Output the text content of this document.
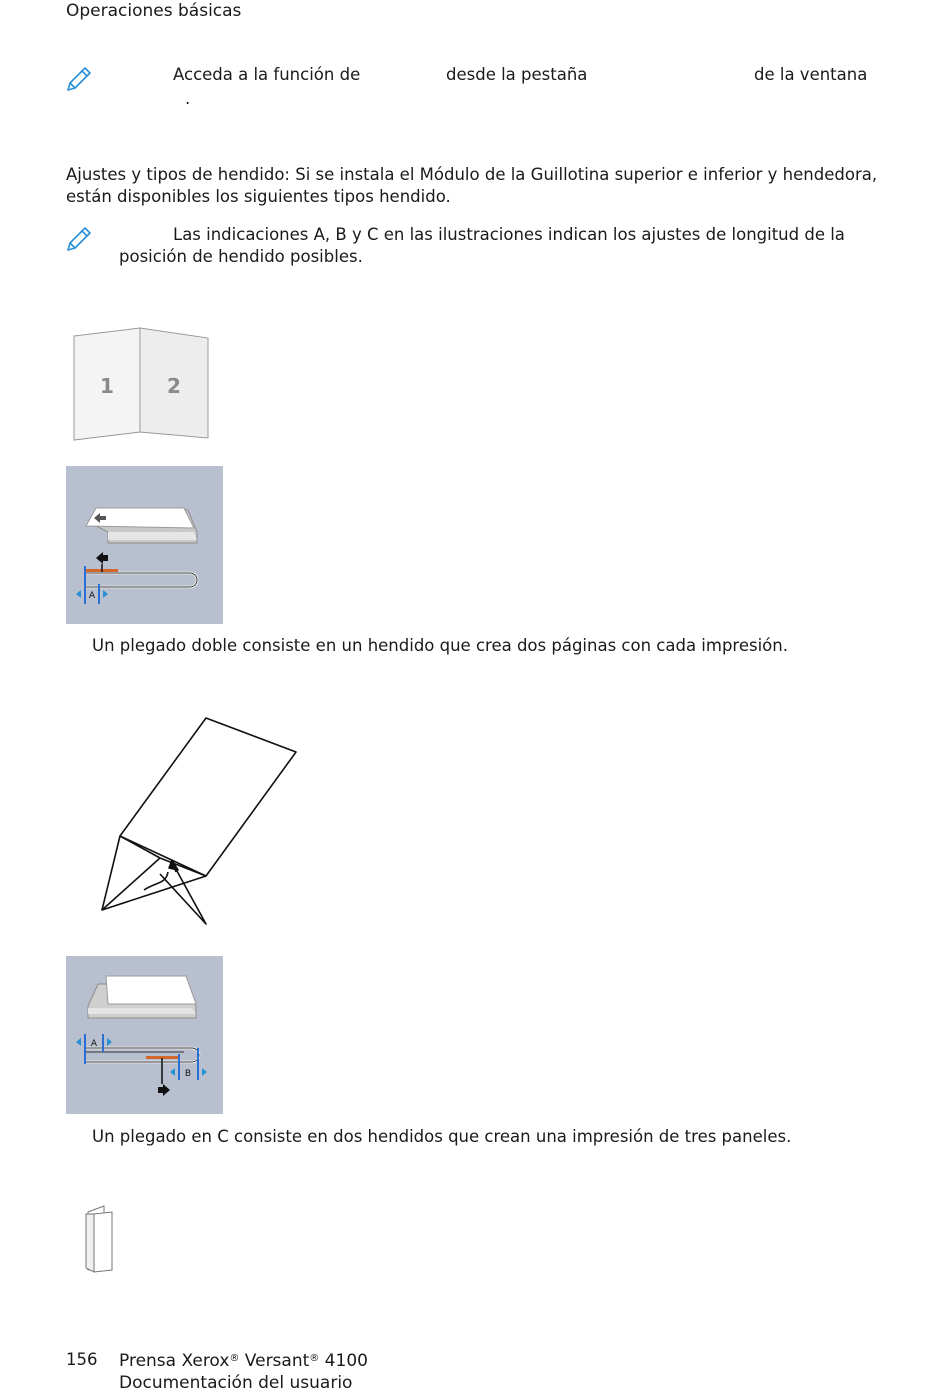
Operaciones básicas
Acceda a la función de	desde la pestaña	de la ventana
.
Ajustes y tipos de hendido: Si se instala el Módulo de la Guillotina superior e inferior y hendedora,
están disponibles los siguientes tipos hendido.
Las indicaciones A, B y C en las ilustraciones indican los ajustes de longitud de la
posición de hendido posibles.
1	2
A
Un plegado doble consiste en un hendido que crea dos páginas con cada impresión.
A
B
Un plegado en C consiste en dos hendidos que crean una impresión de tres paneles.
156 Prensa Xerox® Versant® 4100
Documentación del usuario
